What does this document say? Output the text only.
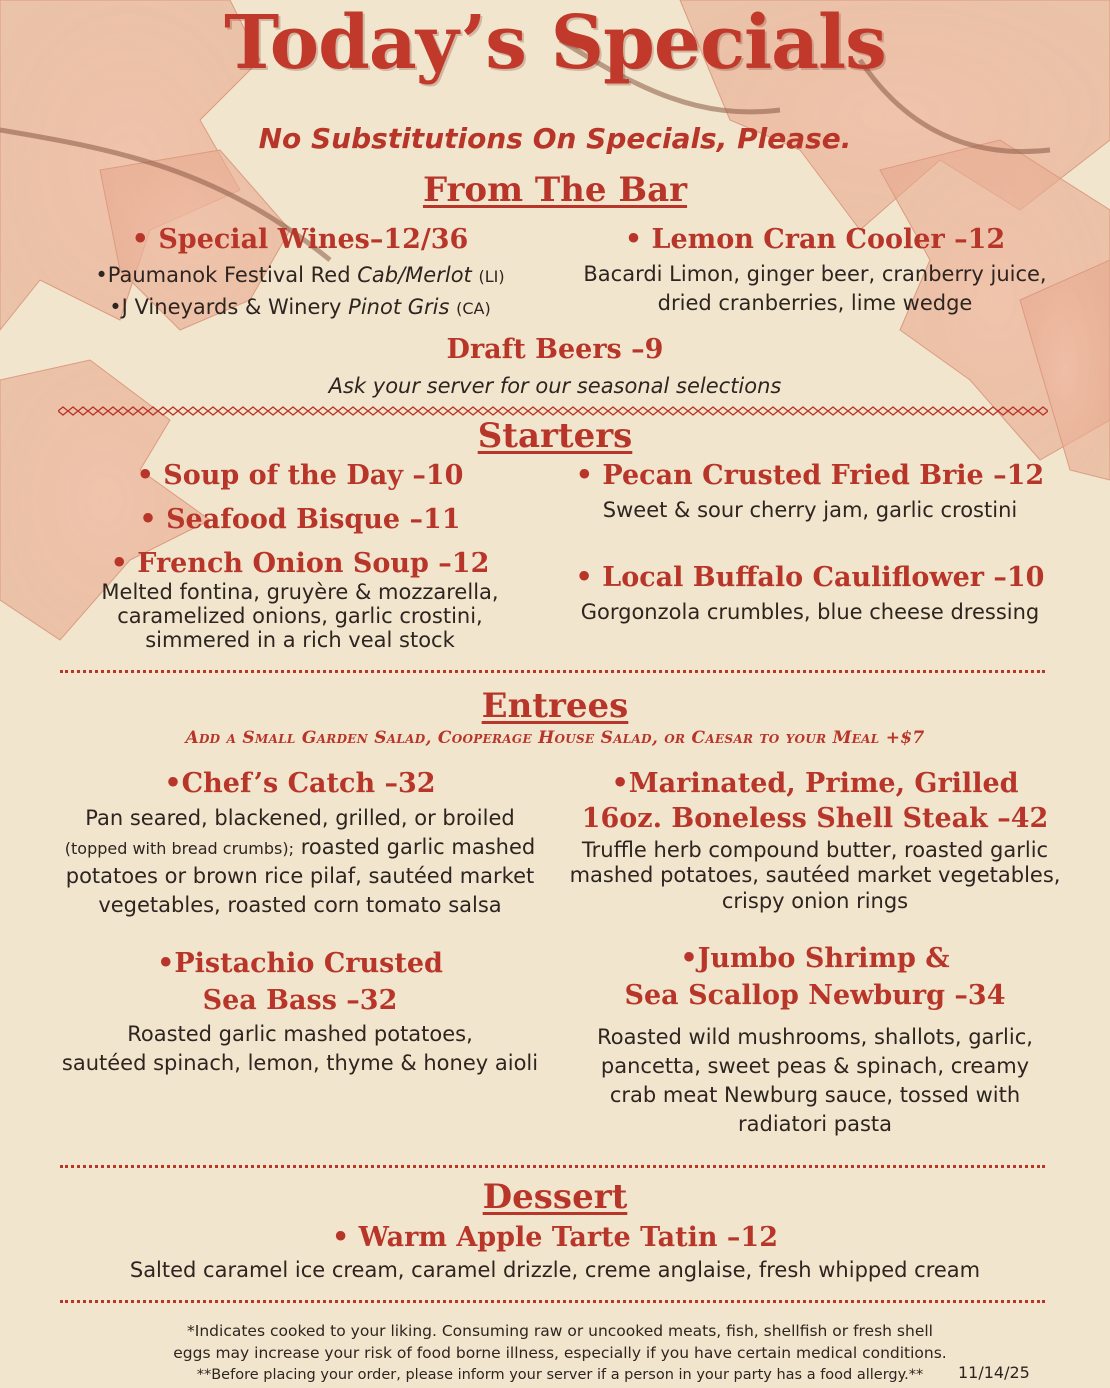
Today’s Specials
No Substitutions On Specials, Please.
From The Bar
• Special Wines–12/36
•Paumanok Festival Red Cab/Merlot (LI)
•J Vineyards & Winery Pinot Gris (CA)
• Lemon Cran Cooler –12
Bacardi Limon, ginger beer, cranberry juice,
dried cranberries, lime wedge
Draft Beers –9
Ask your server for our seasonal selections
Starters
• Soup of the Day –10
• Seafood Bisque –11
• French Onion Soup –12
Melted fontina, gruyère & mozzarella,
caramelized onions, garlic crostini,
simmered in a rich veal stock
• Pecan Crusted Fried Brie –12
Sweet & sour cherry jam, garlic crostini
• Local Buffalo Cauliflower –10
Gorgonzola crumbles, blue cheese dressing
Entrees
Add a Small Garden Salad, Cooperage House Salad, or Caesar to your Meal +$7
•Chef’s Catch –32
Pan seared, blackened, grilled, or broiled
(topped with bread crumbs); roasted garlic mashed
potatoes or brown rice pilaf, sautéed market
vegetables, roasted corn tomato salsa
•Marinated, Prime, Grilled
16oz. Boneless Shell Steak –42
Truffle herb compound butter, roasted garlic
mashed potatoes, sautéed market vegetables,
crispy onion rings
•Pistachio Crusted
Sea Bass –32
Roasted garlic mashed potatoes,
sautéed spinach, lemon, thyme & honey aioli
•Jumbo Shrimp &
Sea Scallop Newburg –34
Roasted wild mushrooms, shallots, garlic,
pancetta, sweet peas & spinach, creamy
crab meat Newburg sauce, tossed with
radiatori pasta
Dessert
• Warm Apple Tarte Tatin –12
Salted caramel ice cream, caramel drizzle, creme anglaise, fresh whipped cream
*Indicates cooked to your liking. Consuming raw or uncooked meats, fish, shellfish or fresh shell
eggs may increase your risk of food borne illness, especially if you have certain medical conditions.
**Before placing your order, please inform your server if a person in your party has a food allergy.**	11/14/25
